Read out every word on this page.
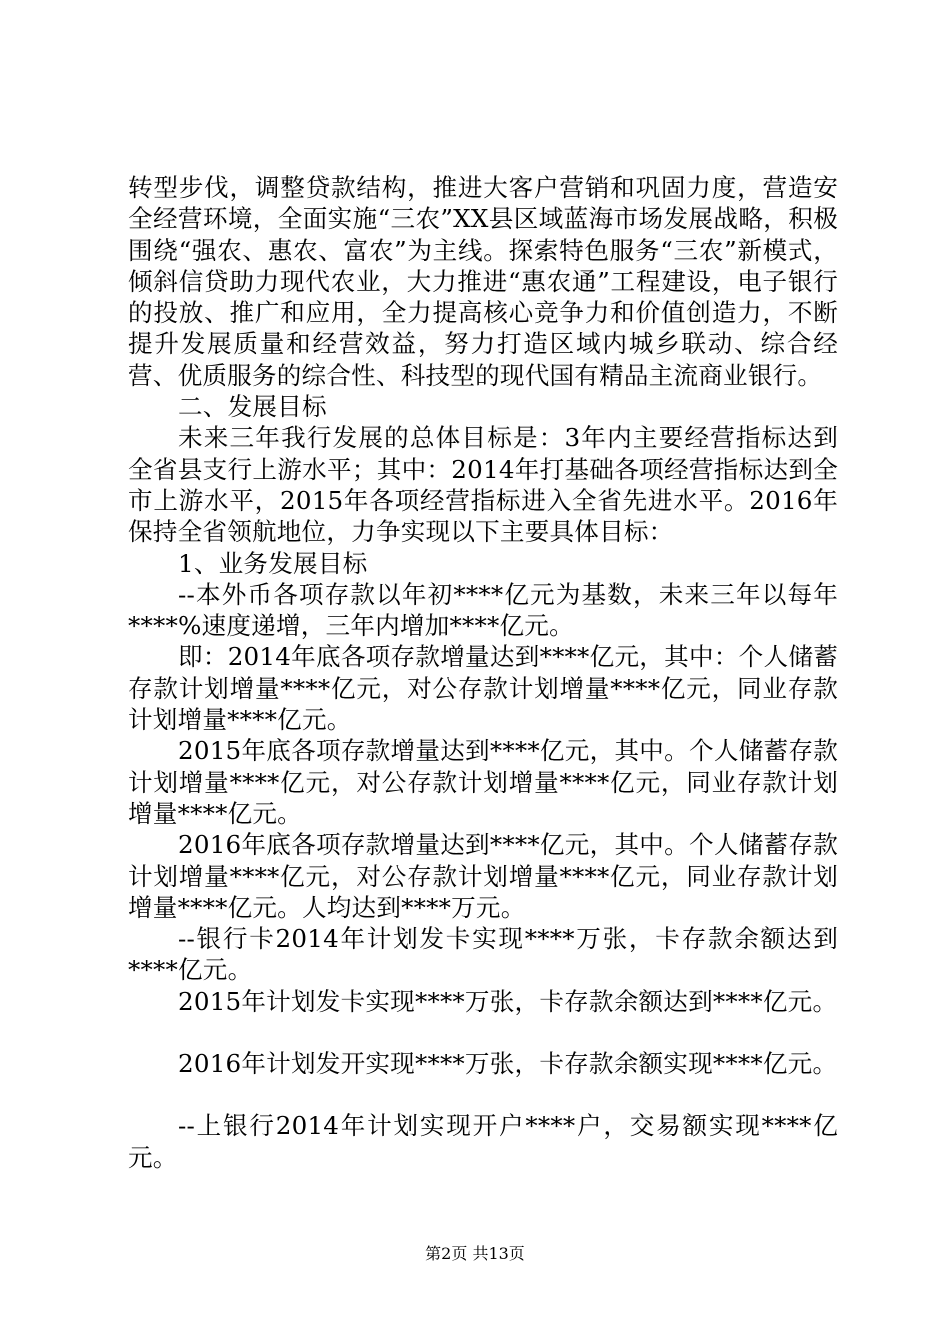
转型步伐，调整贷款结构，推进大客户营销和巩固力度，营造安全经营环境，全面实施“三农”XX县区域蓝海市场发展战略，积极围绕“强农、惠农、富农”为主线。探索特色服务“三农”新模式，倾斜信贷助力现代农业，大力推进“惠农通”工程建设，电子银行的投放、推广和应用，全力提高核心竞争力和价值创造力，不断提升发展质量和经营效益，努力打造区域内城乡联动、综合经营、优质服务的综合性、科技型的现代国有精品主流商业银行。

二、发展目标

未来三年我行发展的总体目标是：3年内主要经营指标达到全省县支行上游水平；其中：2014年打基础各项经营指标达到全市上游水平，2015年各项经营指标进入全省先进水平。2016年保持全省领航地位，力争实现以下主要具体目标：

1、业务发展目标

--本外币各项存款以年初****亿元为基数，未来三年以每年****%速度递增，三年内增加****亿元。

即：2014年底各项存款增量达到****亿元，其中：个人储蓄存款计划增量****亿元，对公存款计划增量****亿元，同业存款计划增量****亿元。

2015年底各项存款增量达到****亿元，其中。个人储蓄存款计划增量****亿元，对公存款计划增量****亿元，同业存款计划增量****亿元。

2016年底各项存款增量达到****亿元，其中。个人储蓄存款计划增量****亿元，对公存款计划增量****亿元，同业存款计划增量****亿元。人均达到****万元。

--银行卡2014年计划发卡实现****万张，卡存款余额达到****亿元。

2015年计划发卡实现****万张，卡存款余额达到****亿元。

2016年计划发开实现****万张，卡存款余额实现****亿元。

--上银行2014年计划实现开户****户，交易额实现****亿元。

第2页 共13页
